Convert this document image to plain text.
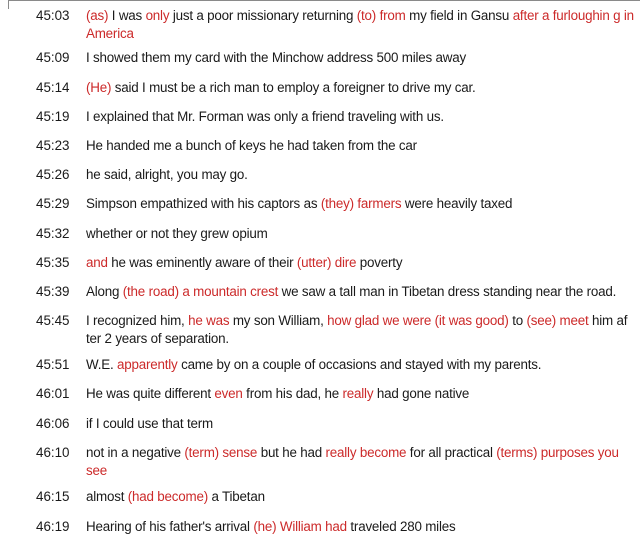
45:03 (as) I was only just a poor missionary returning (to) from my field in Gansu after a furloughin g in America
45:09 I showed them my card with the Minchow address 500 miles away
45:14 (He) said I must be a rich man to employ a foreigner to drive my car.
45:19 I explained that Mr. Forman was only a friend traveling with us.
45:23 He handed me a bunch of keys he had taken from the car
45:26 he said, alright, you may go.
45:29 Simpson empathized with his captors as (they) farmers were heavily taxed
45:32 whether or not they grew opium
45:35 and he was eminently aware of their (utter) dire poverty
45:39 Along (the road) a mountain crest we saw a tall man in Tibetan dress standing near the road.
45:45 I recognized him, he was my son William, how glad we were (it was good) to (see) meet him af ter 2 years of separation.
45:51 W.E. apparently came by on a couple of occasions and stayed with my parents.
46:01 He was quite different even from his dad, he really had gone native
46:06 if I could use that term
46:10 not in a negative (term) sense but he had really become for all practical (terms) purposes you see
46:15 almost (had become) a Tibetan
46:19 Hearing of his father's arrival (he) William had traveled 280 miles
